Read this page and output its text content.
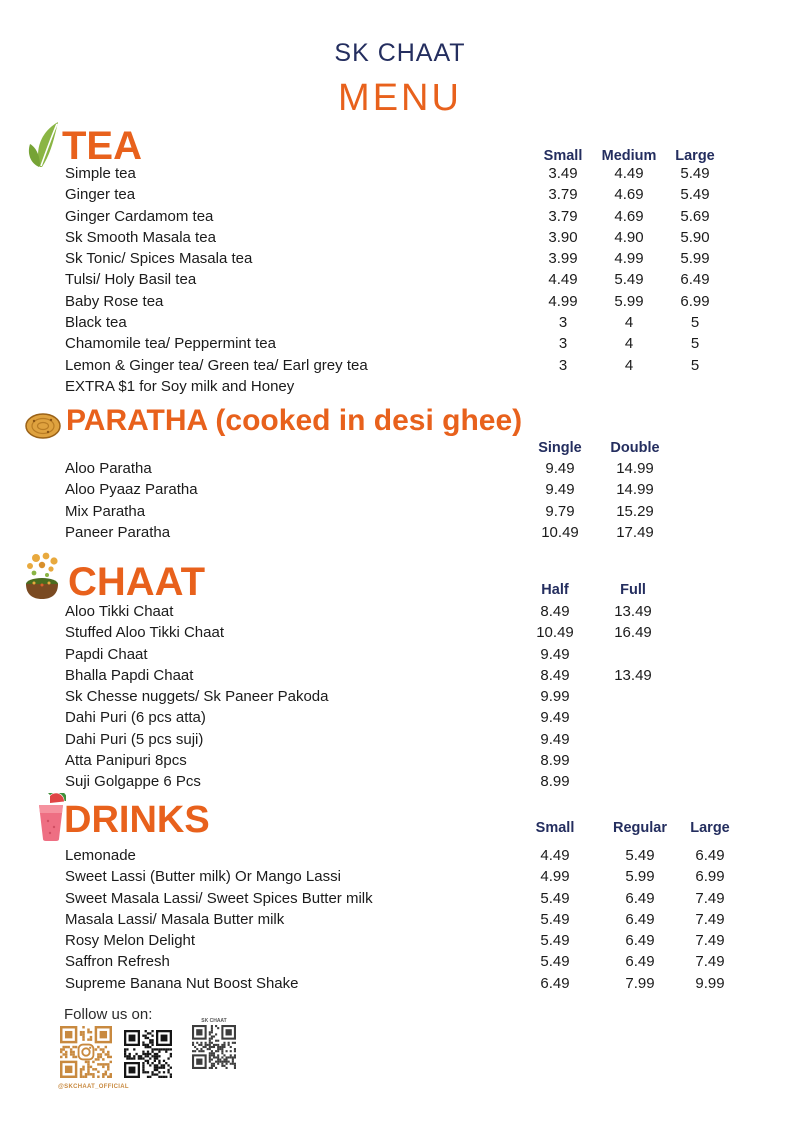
SK CHAAT
MENU
TEA	Small	Medium	Large
Simple tea	3.49	4.49	5.49
Ginger tea	3.79	4.69	5.49
Ginger Cardamom tea	3.79	4.69	5.69
Sk Smooth Masala tea	3.90	4.90	5.90
Sk Tonic/ Spices Masala tea	3.99	4.99	5.99
Tulsi/ Holy Basil tea	4.49	5.49	6.49
Baby Rose tea	4.99	5.99	6.99
Black tea	3	4	5
Chamomile tea/ Peppermint tea	3	4	5
Lemon & Ginger tea/ Green tea/ Earl grey tea	3	4	5
EXTRA $1 for Soy milk and Honey
PARATHA (cooked in desi ghee)
Single	Double
Aloo Paratha	9.49	14.99
Aloo Pyaaz Paratha	9.49	14.99
Mix Paratha	9.79	15.29
Paneer Paratha	10.49	17.49
CHAAT	Half	Full
Aloo Tikki Chaat	8.49	13.49
Stuffed Aloo Tikki Chaat	10.49	16.49
Papdi Chaat	9.49
Bhalla Papdi Chaat	8.49	13.49
Sk Chesse nuggets/ Sk Paneer Pakoda	9.99
Dahi Puri (6 pcs atta)	9.49
Dahi Puri (5 pcs suji)	9.49
Atta Panipuri 8pcs	8.99
Suji Golgappe 6 Pcs	8.99
DRINKS	Small	Regular	Large
Lemonade	4.49	5.49	6.49
Sweet Lassi (Butter milk) Or Mango Lassi	4.99	5.99	6.99
Sweet Masala Lassi/ Sweet Spices Butter milk	5.49	6.49	7.49
Masala Lassi/ Masala Butter milk	5.49	6.49	7.49
Rosy Melon Delight	5.49	6.49	7.49
Saffron Refresh	5.49	6.49	7.49
Supreme Banana Nut Boost Shake	6.49	7.99	9.99
Follow us on:
@SKCHAAT_OFFICIAL
SK CHAAT
